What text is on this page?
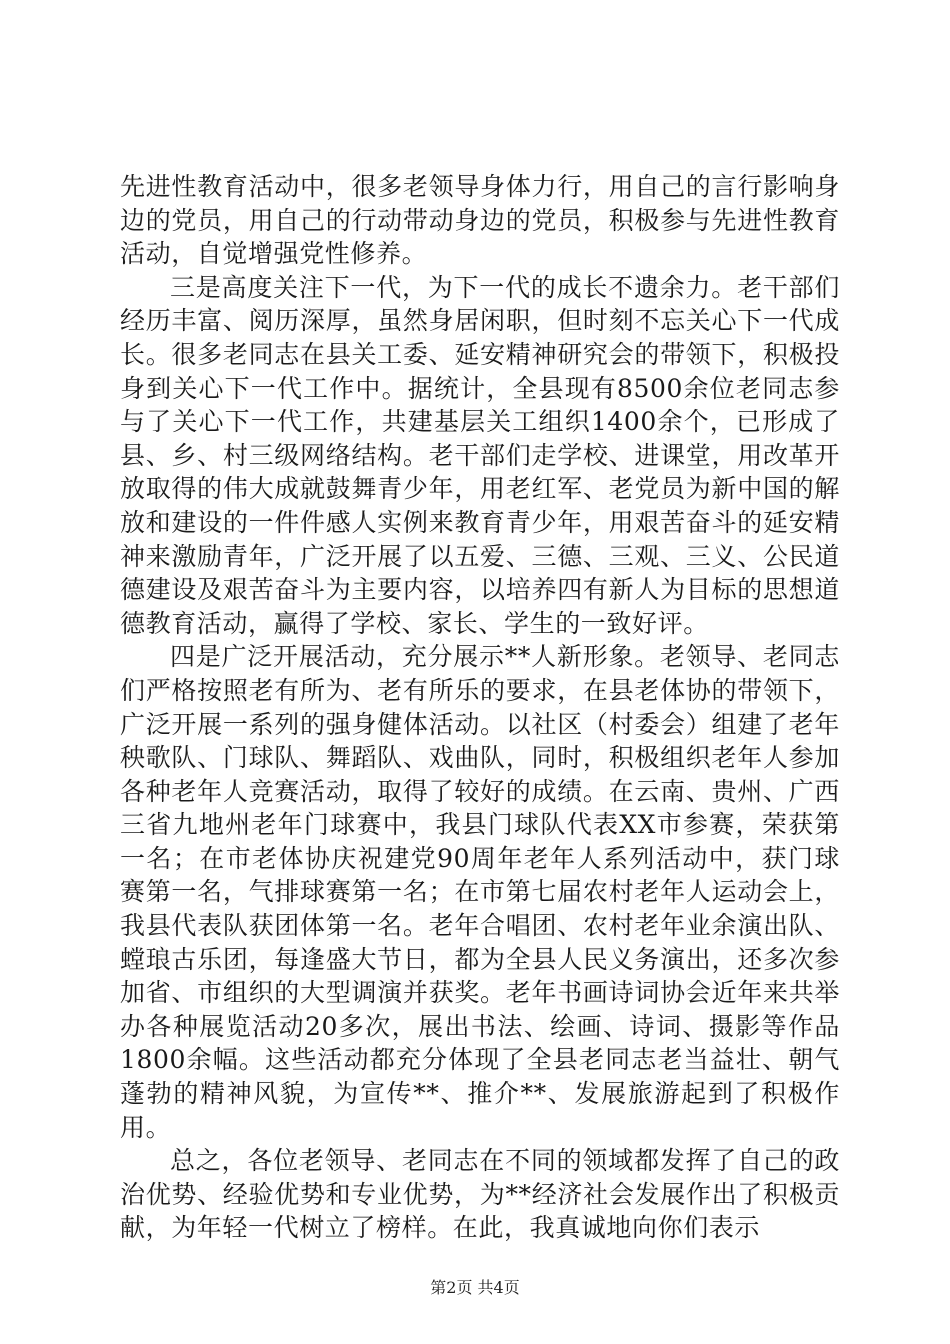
先进性教育活动中，很多老领导身体力行，用自己的言行影响身边的党员，用自己的行动带动身边的党员，积极参与先进性教育活动，自觉增强党性修养。

三是高度关注下一代，为下一代的成长不遗余力。老干部们经历丰富、阅历深厚，虽然身居闲职，但时刻不忘关心下一代成长。很多老同志在县关工委、延安精神研究会的带领下，积极投身到关心下一代工作中。据统计，全县现有8500余位老同志参与了关心下一代工作，共建基层关工组织1400余个，已形成了县、乡、村三级网络结构。老干部们走学校、进课堂，用改革开放取得的伟大成就鼓舞青少年，用老红军、老党员为新中国的解放和建设的一件件感人实例来教育青少年，用艰苦奋斗的延安精神来激励青年，广泛开展了以五爱、三德、三观、三义、公民道德建设及艰苦奋斗为主要内容，以培养四有新人为目标的思想道德教育活动，赢得了学校、家长、学生的一致好评。

四是广泛开展活动，充分展示**人新形象。老领导、老同志们严格按照老有所为、老有所乐的要求，在县老体协的带领下，广泛开展一系列的强身健体活动。以社区（村委会）组建了老年秧歌队、门球队、舞蹈队、戏曲队，同时，积极组织老年人参加各种老年人竞赛活动，取得了较好的成绩。在云南、贵州、广西三省九地州老年门球赛中，我县门球队代表XX市参赛，荣获第一名；在市老体协庆祝建党90周年老年人系列活动中，获门球赛第一名，气排球赛第一名；在市第七届农村老年人运动会上，我县代表队获团体第一名。老年合唱团、农村老年业余演出队、螳琅古乐团，每逢盛大节日，都为全县人民义务演出，还多次参加省、市组织的大型调演并获奖。老年书画诗词协会近年来共举办各种展览活动20多次，展出书法、绘画、诗词、摄影等作品1800余幅。这些活动都充分体现了全县老同志老当益壮、朝气蓬勃的精神风貌，为宣传**、推介**、发展旅游起到了积极作用。

总之，各位老领导、老同志在不同的领域都发挥了自己的政治优势、经验优势和专业优势，为**经济社会发展作出了积极贡献，为年轻一代树立了榜样。在此，我真诚地向你们表示

第2页 共4页
